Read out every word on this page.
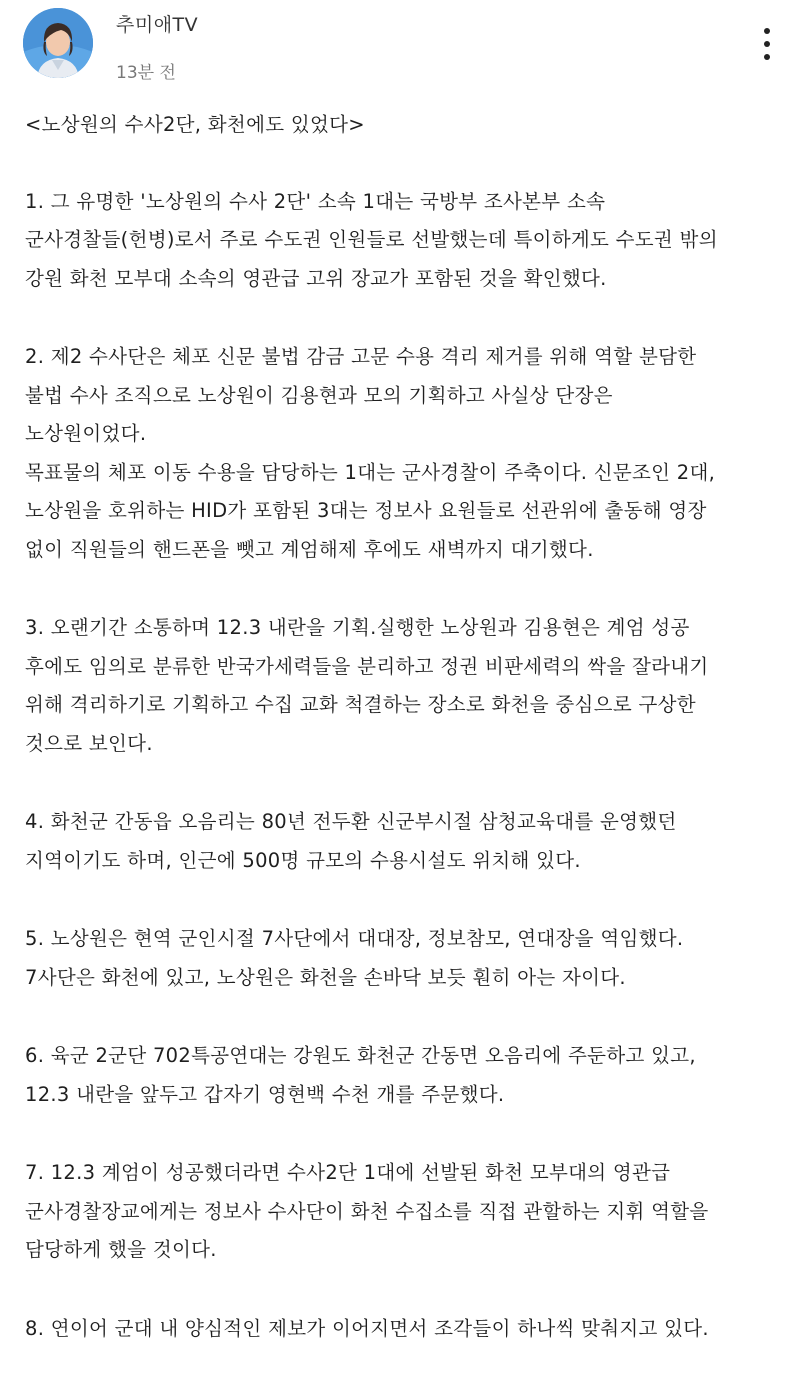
추미애TV
13분 전

<노상원의 수사2단, 화천에도 있었다>

1. 그 유명한 '노상원의 수사 2단' 소속 1대는 국방부 조사본부 소속

군사경찰들(헌병)로서 주로 수도권 인원들로 선발했는데 특이하게도 수도권 밖의

강원 화천 모부대 소속의 영관급 고위 장교가 포함된 것을 확인했다.

2. 제2 수사단은 체포 신문 불법 감금 고문 수용 격리 제거를 위해 역할 분담한

불법 수사 조직으로 노상원이 김용현과 모의 기획하고 사실상 단장은

노상원이었다.

목표물의 체포 이동 수용을 담당하는 1대는 군사경찰이 주축이다. 신문조인 2대,

노상원을 호위하는 HID가 포함된 3대는 정보사 요원들로 선관위에 출동해 영장

없이 직원들의 핸드폰을 뺏고 계엄해제 후에도 새벽까지 대기했다.

3. 오랜기간 소통하며 12.3 내란을 기획.실행한 노상원과 김용현은 계엄 성공

후에도 임의로 분류한 반국가세력들을 분리하고 정권 비판세력의 싹을 잘라내기

위해 격리하기로 기획하고 수집 교화 척결하는 장소로 화천을 중심으로 구상한

것으로 보인다.

4. 화천군 간동읍 오음리는 80년 전두환 신군부시절 삼청교육대를 운영했던

지역이기도 하며, 인근에 500명 규모의 수용시설도 위치해 있다.

5. 노상원은 현역 군인시절 7사단에서 대대장, 정보참모, 연대장을 역임했다.

7사단은 화천에 있고, 노상원은 화천을 손바닥 보듯 훤히 아는 자이다.

6. 육군 2군단 702특공연대는 강원도 화천군 간동면 오음리에 주둔하고 있고,

12.3 내란을 앞두고 갑자기 영현백 수천 개를 주문했다.

7. 12.3 계엄이 성공했더라면 수사2단 1대에 선발된 화천 모부대의 영관급

군사경찰장교에게는 정보사 수사단이 화천 수집소를 직접 관할하는 지휘 역할을

담당하게 했을 것이다.

8. 연이어 군대 내 양심적인 제보가 이어지면서 조각들이 하나씩 맞춰지고 있다.
